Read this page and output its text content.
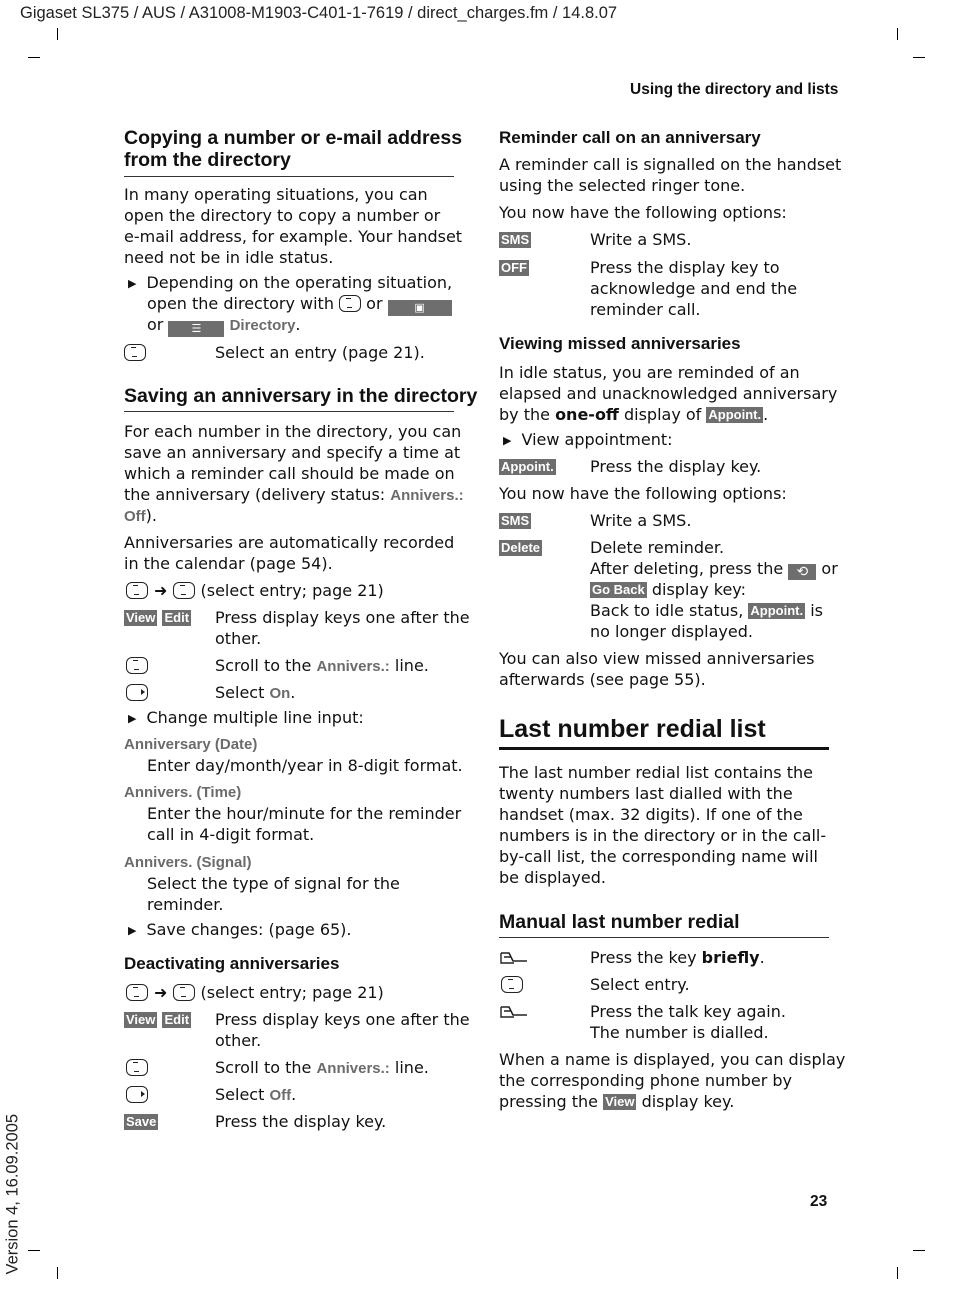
Gigaset SL375 / AUS / A31008-M1903-C401-1-7619 / direct_charges.fm / 14.8.07
Using the directory and lists
23
Version 4, 16.09.2005
Copying a number or e-mail address
from the directory
In many operating situations, you can
open the directory to copy a number or
e-mail address, for example. Your handset
need not be in idle status.
▶ Depending on the operating situation,
open the directory with or	▣
or	☰ Directory.
Select an entry (page 21).
Saving an anniversary in the directory
For each number in the directory, you can
save an anniversary and specify a time at
which a reminder call should be made on
the anniversary (delivery status: Annivers.:
Off).
Anniversaries are automatically recorded
in the calendar (page 54).
➜ (select entry; page 21)
View Edit Press display keys one after the
other.
Scroll to the Annivers.: line.
Select On.
▶ Change multiple line input:
Anniversary (Date)
Enter day/month/year in 8-digit format.
Annivers. (Time)
Enter the hour/minute for the reminder
call in 4-digit format.
Annivers. (Signal)
Select the type of signal for the
reminder.
▶ Save changes: (page 65).
Deactivating anniversaries
➜ (select entry; page 21)
View Edit Press display keys one after the
other.
Scroll to the Annivers.: line.
Select Off.
Save	Press the display key.
Reminder call on an anniversary
A reminder call is signalled on the handset
using the selected ringer tone.
You now have the following options:
SMS	Write a SMS.
OFF	Press the display key to
acknowledge and end the
reminder call.
Viewing missed anniversaries
In idle status, you are reminded of an
elapsed and unacknowledged anniversary
by the one-off display of Appoint. .
▶ View appointment:
Appoint. Press the display key.
You now have the following options:
SMS	Write a SMS.
Delete	Delete reminder.
After deleting, press the ⟲ or
Go Back display key:
Back to idle status, Appoint. is
no longer displayed.
You can also view missed anniversaries
afterwards (see page 55).
Last number redial list
The last number redial list contains the
twenty numbers last dialled with the
handset (max. 32 digits). If one of the
numbers is in the directory or in the call-
by-call list, the corresponding name will
be displayed.
Manual last number redial
Press the key briefly.
Select entry.
Press the talk key again.
The number is dialled.
When a name is displayed, you can display
the corresponding phone number by
pressing the View display key.
